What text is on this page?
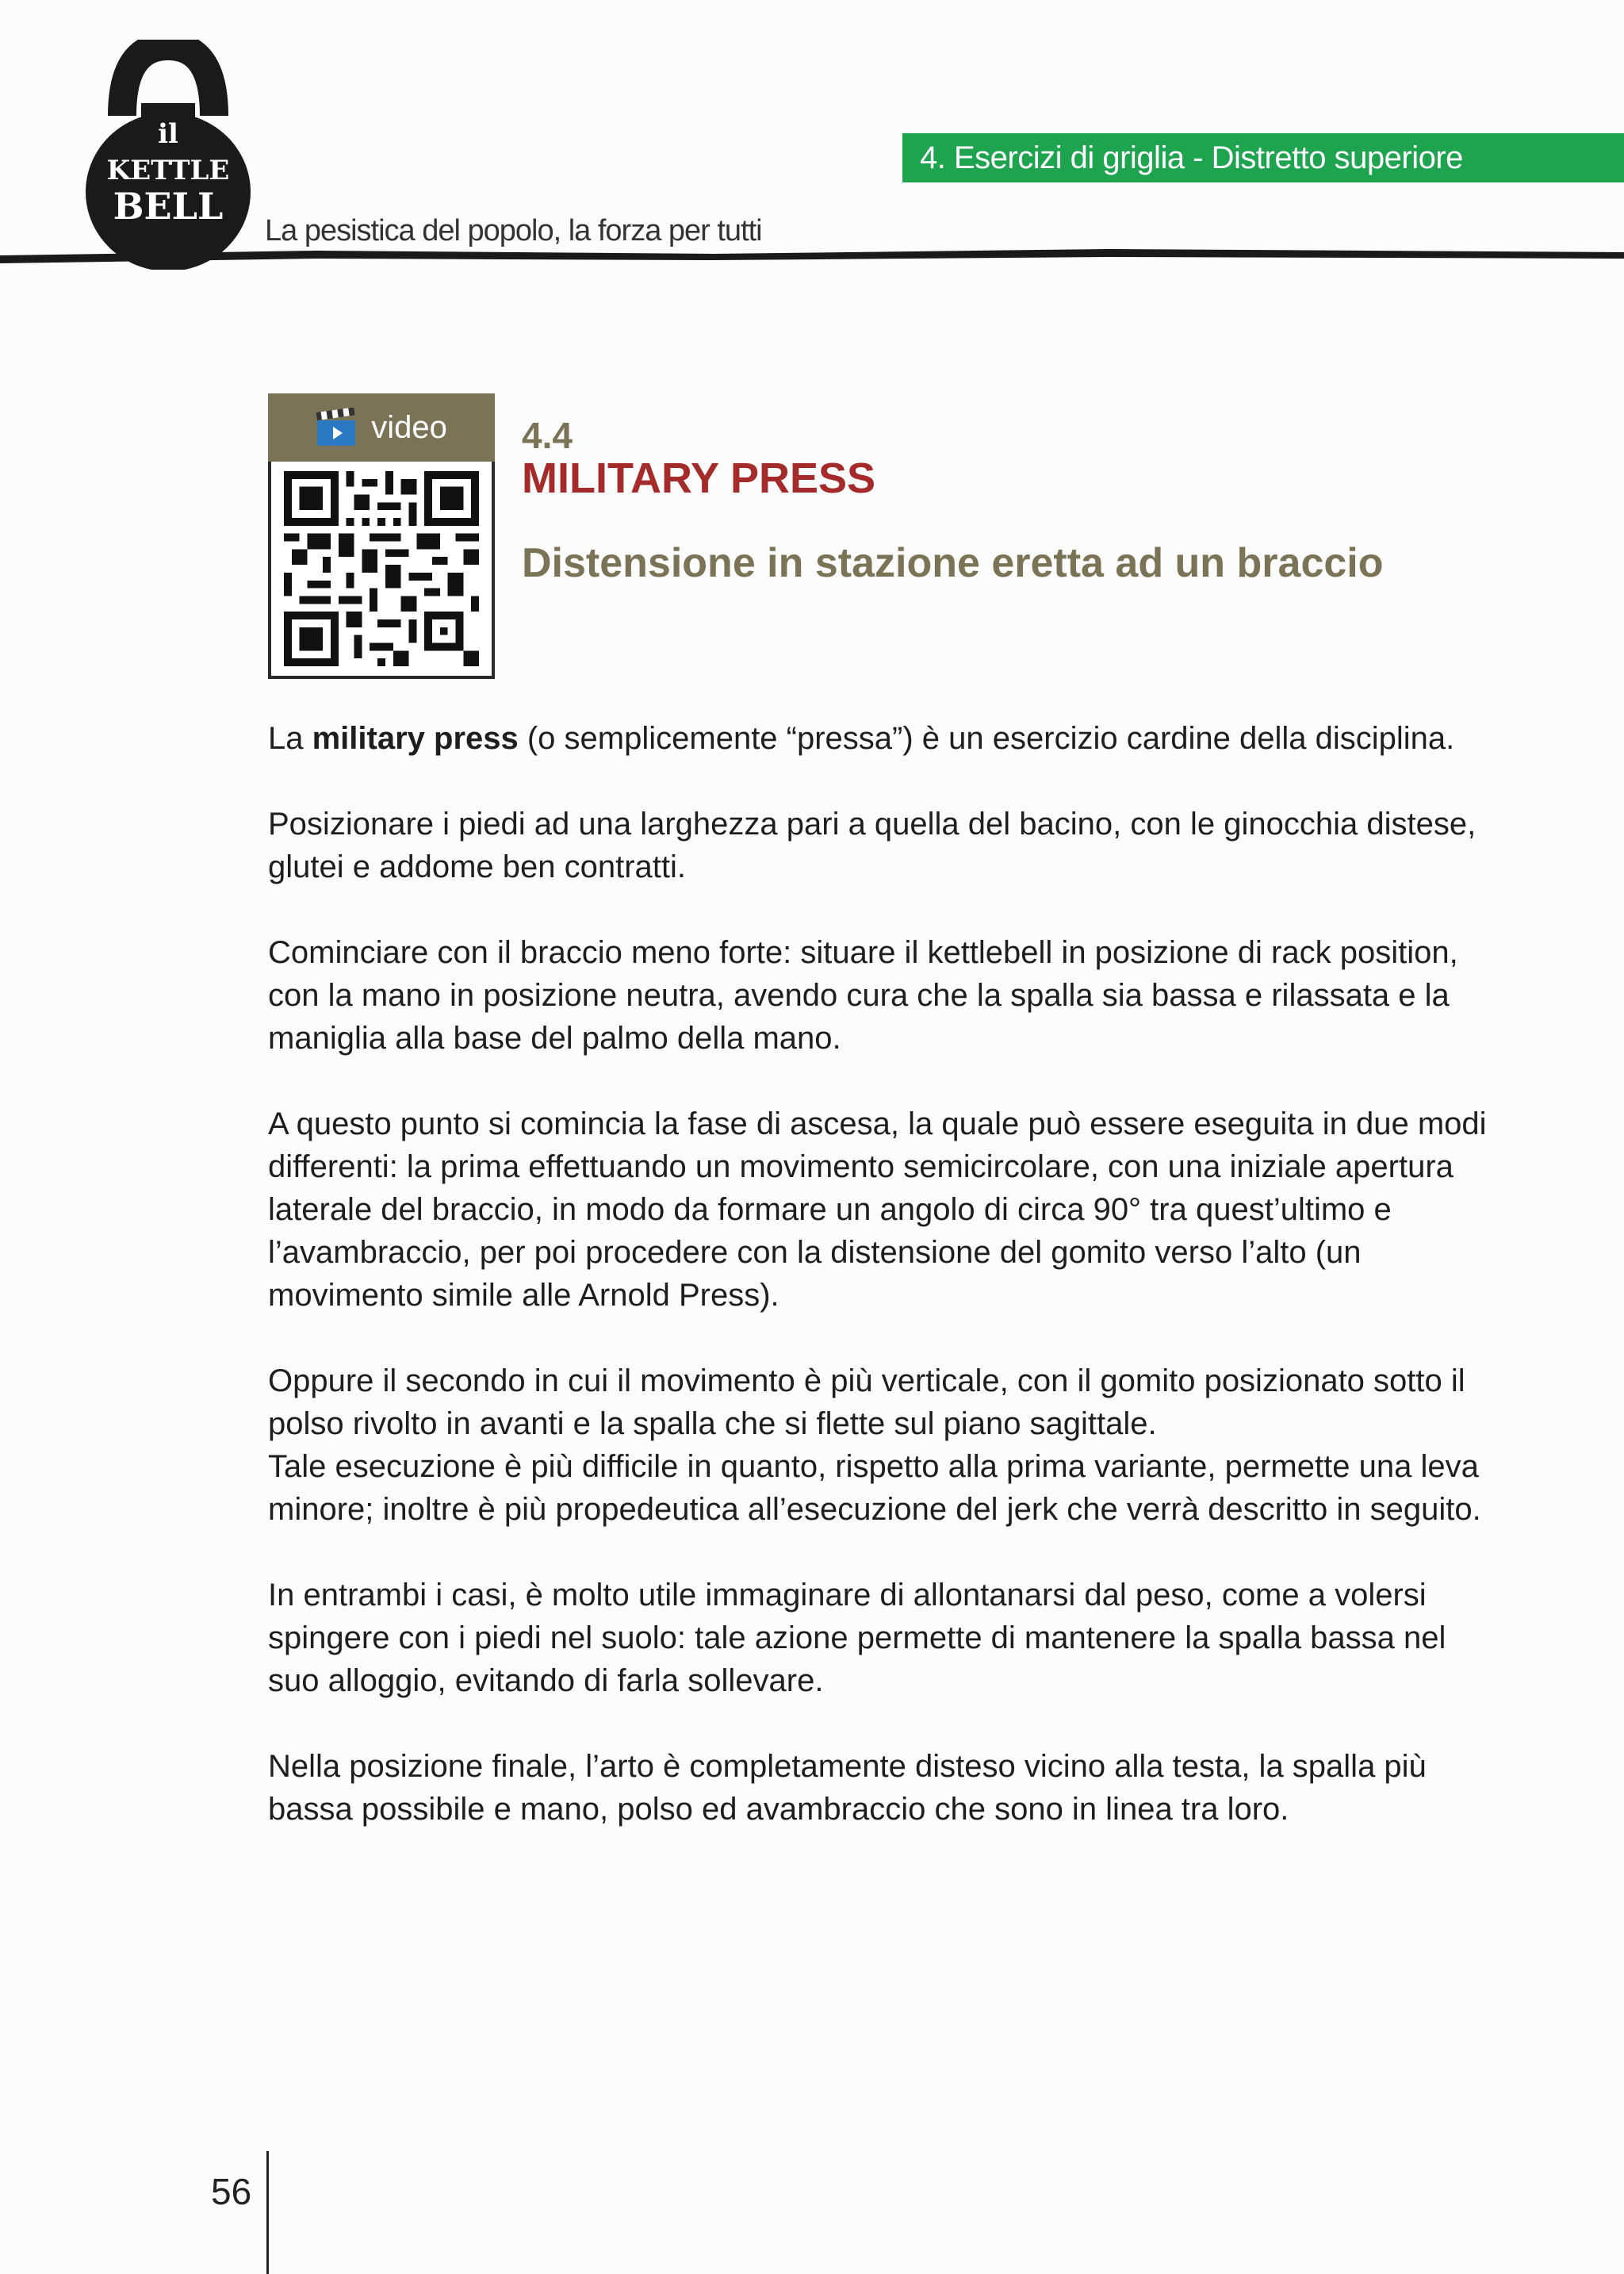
il
KETTLE
BELL
La pesistica del popolo, la forza per tutti
4. Esercizi di griglia - Distretto superiore
video 4.4
MILITARY PRESS
Distensione in stazione eretta ad un braccio

La military press (o semplicemente “pressa”) è un esercizio cardine della disciplina.

Posizionare i piedi ad una larghezza pari a quella del bacino, con le ginocchia distese, glutei e addome ben contratti.

Cominciare con il braccio meno forte: situare il kettlebell in posizione di rack position, con la mano in posizione neutra, avendo cura che la spalla sia bassa e rilassata e la maniglia alla base del palmo della mano.

A questo punto si comincia la fase di ascesa, la quale può essere eseguita in due modi differenti: la prima effettuando un movimento semicircolare, con una iniziale apertura laterale del braccio, in modo da formare un angolo di circa 90° tra quest’ultimo e l’avambraccio, per poi procedere con la distensione del gomito verso l’alto (un movimento simile alle Arnold Press).

Oppure il secondo in cui il movimento è più verticale, con il gomito posizionato sotto il polso rivolto in avanti e la spalla che si flette sul piano sagittale.
Tale esecuzione è più difficile in quanto, rispetto alla prima variante, permette una leva minore; inoltre è più propedeutica all’esecuzione del jerk che verrà descritto in seguito.

In entrambi i casi, è molto utile immaginare di allontanarsi dal peso, come a volersi spingere con i piedi nel suolo: tale azione permette di mantenere la spalla bassa nel suo alloggio, evitando di farla sollevare.

Nella posizione finale, l’arto è completamente disteso vicino alla testa, la spalla più bassa possibile e mano, polso ed avambraccio che sono in linea tra loro.

56
